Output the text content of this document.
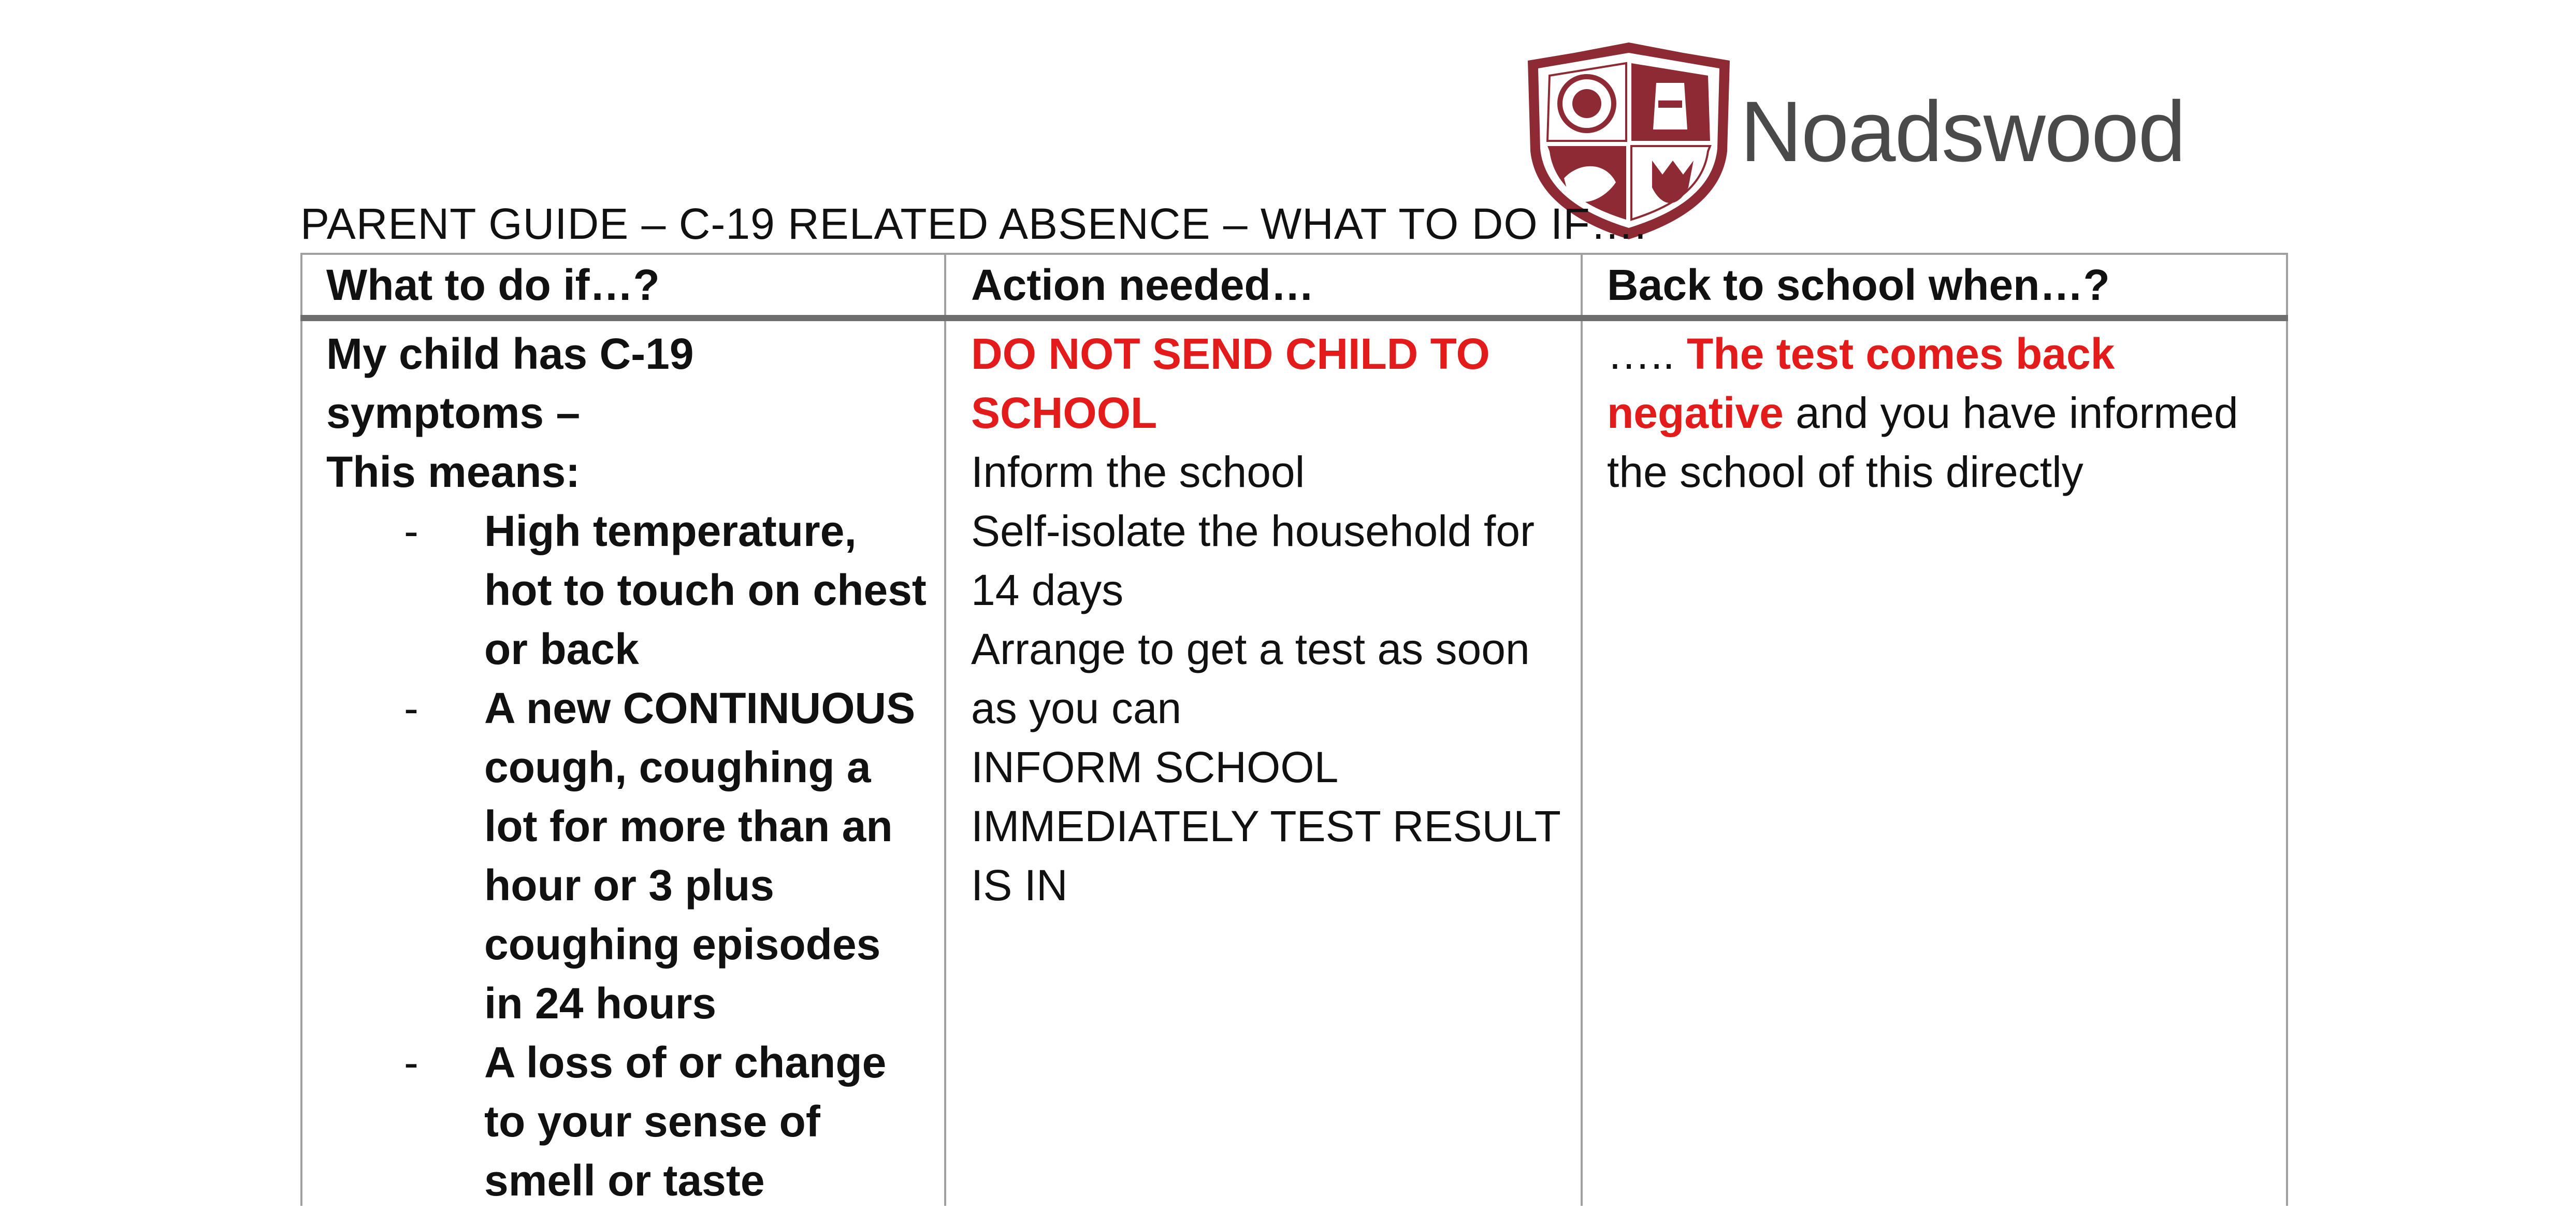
Noadswood
PARENT GUIDE – C-19 RELATED ABSENCE – WHAT TO DO IF….
What to do if…?	Action needed…	Back to school when…?
My child has C-19 symptoms –
This means:
- High temperature, hot to touch on chest or back
- A new CONTINUOUS cough, coughing a lot for more than an hour or 3 plus coughing episodes in 24 hours
- A loss of or change to your sense of smell or taste
DO NOT SEND CHILD TO SCHOOL
Inform the school
Self-isolate the household for 14 days
Arrange to get a test as soon as you can
INFORM SCHOOL IMMEDIATELY TEST RESULT IS IN
….. The test comes back negative and you have informed the school of this directly
